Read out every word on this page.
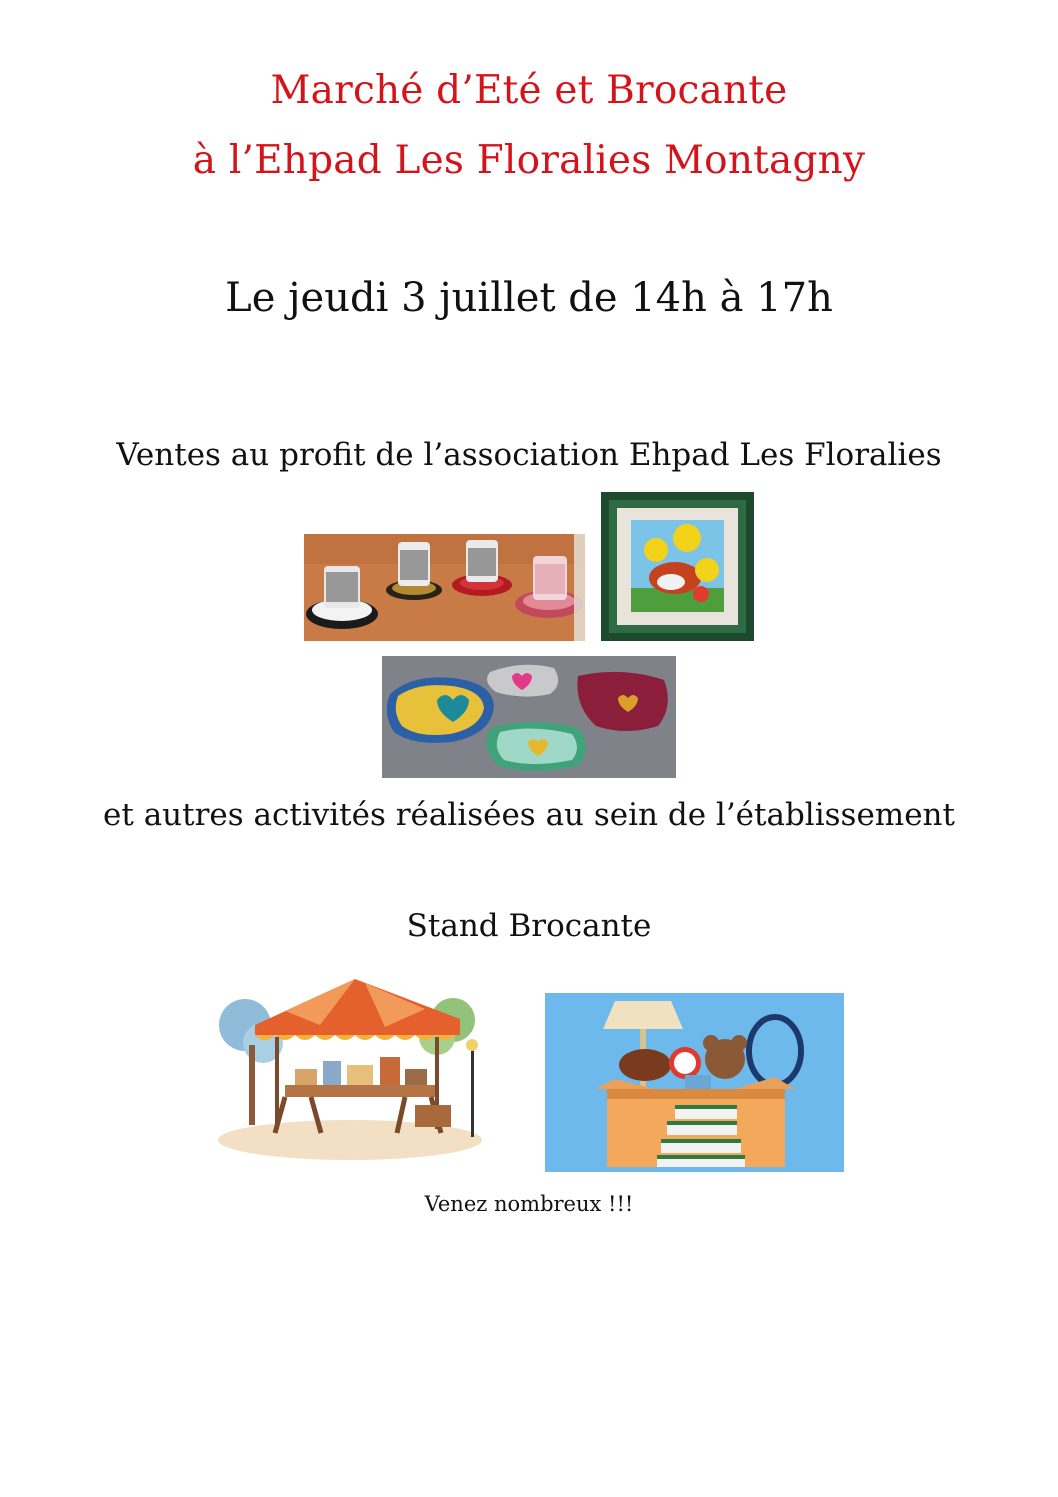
Marché d’Eté et Brocante
à l’Ehpad Les Floralies Montagny
Le jeudi 3 juillet de 14h à 17h
Ventes au profit de l’association Ehpad Les Floralies
et autres activités réalisées au sein de l’établissement
Stand Brocante
Venez nombreux !!!
